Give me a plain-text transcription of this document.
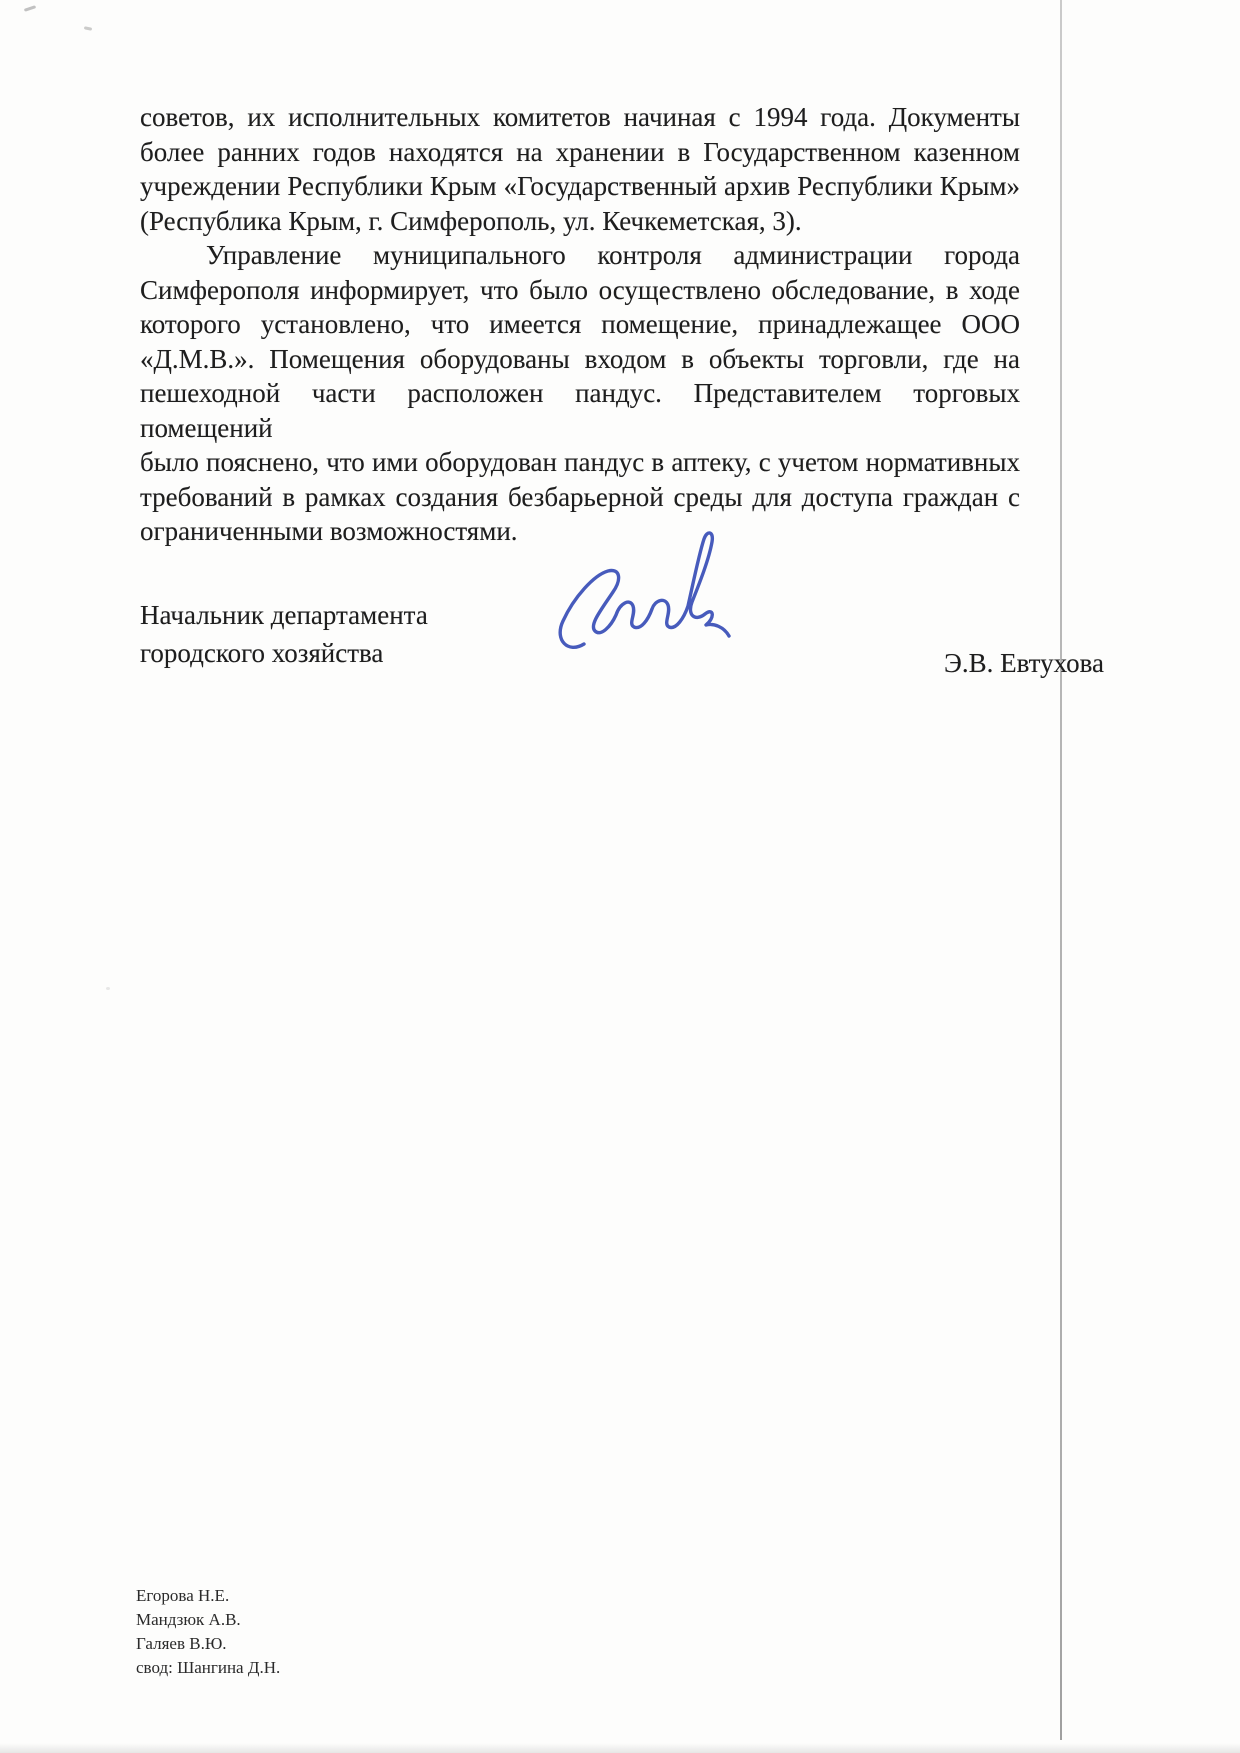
советов, их исполнительных комитетов начиная с 1994 года. Документы
более ранних годов находятся на хранении в Государственном казенном
учреждении Республики Крым «Государственный архив Республики Крым»
(Республика Крым, г. Симферополь, ул. Кечкеметская, 3).
Управление муниципального контроля администрации города
Симферополя информирует, что было осуществлено обследование, в ходе
которого установлено, что имеется помещение, принадлежащее ООО
«Д.М.В.». Помещения оборудованы входом в объекты торговли, где на
пешеходной части расположен пандус. Представителем торговых помещений
было пояснено, что ими оборудован пандус в аптеку, с учетом нормативных
требований в рамках создания безбарьерной среды для доступа граждан с
ограниченными возможностями.
Начальник департамента
городского хозяйства	Э.В. Евтухова
Егорова Н.Е.
Мандзюк А.В.
Галяев В.Ю.
свод: Шангина Д.Н.
